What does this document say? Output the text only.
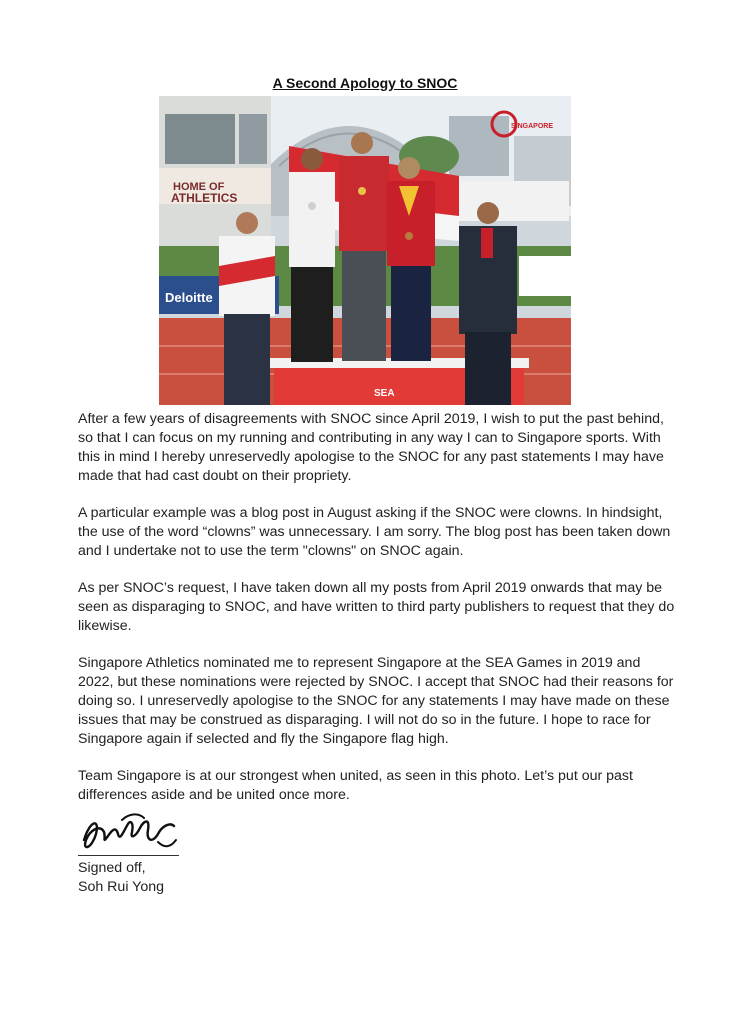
A Second Apology to SNOC
HOME OF
ATHLETICS
SINGAPORE
Deloitte
SEA

After a few years of disagreements with SNOC since April 2019, I wish to put the past behind, so that I can focus on my running and contributing in any way I can to Singapore sports. With this in mind I hereby unreservedly apologise to the SNOC for any past statements I may have made that had cast doubt on their propriety.

A particular example was a blog post in August asking if the SNOC were clowns. In hindsight, the use of the word “clowns” was unnecessary. I am sorry. The blog post has been taken down and I undertake not to use the term "clowns" on SNOC again.

As per SNOC’s request, I have taken down all my posts from April 2019 onwards that may be seen as disparaging to SNOC, and have written to third party publishers to request that they do likewise.

Singapore Athletics nominated me to represent Singapore at the SEA Games in 2019 and 2022, but these nominations were rejected by SNOC. I accept that SNOC had their reasons for doing so. I unreservedly apologise to the SNOC for any statements I may have made on these issues that may be construed as disparaging. I will not do so in the future. I hope to race for Singapore again if selected and fly the Singapore flag high.

Team Singapore is at our strongest when united, as seen in this photo. Let’s put our past differences aside and be united once more.

Signed off,
Soh Rui Yong
